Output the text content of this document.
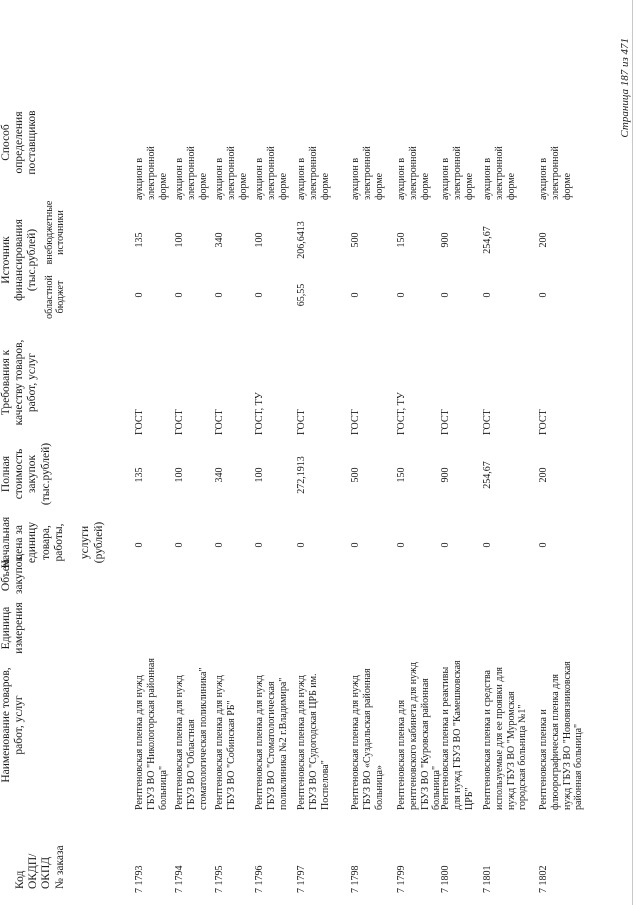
Код
ОКДП/
ОКПД
№ заказа
Наименование товаров,
работ, услуг
Единица
измерения
Объем
закупок
Начальная
цена за
единицу
товара,
работы,

услуги
(рублей)
Полная
стоимость
закупок
(тыс.рублей)
Требования к
качеству товаров,
работ, услуг
Источник
финансирования
(тыс.рублей)
областной
бюджет
внебюджетные
источники
Способ
определения
поставщиков
7 1793
Рентгеновская пленка для нужд ГБУЗ ВО "Никологорская районная больница"
0
135
ГОСТ
0
135
аукцион в электронной форме
7 1794
Рентгеновская пленка для нужд ГБУЗ ВО "Областная стоматологическая поликлиника"
0
100
ГОСТ
0
100
аукцион в электронной форме
7 1795
Рентгеновская пленка для нужд ГБУЗ ВО "Собинская РБ"
0
340
ГОСТ
0
340
аукцион в электронной форме
7 1796
Рентгеновская пленка для нужд ГБУЗ ВО "Стоматологическая поликлиника №2 г.Владимира"
0
100
ГОСТ, ТУ
0
100
аукцион в электронной форме
7 1797
Рентгеновская пленка для нужд ГБУЗ ВО "Судогодская ЦРБ им. Поспелова"
0
272,1913
ГОСТ
65,55
206,6413
аукцион в электронной форме
7 1798
Рентгеновская пленка для нужд ГБУЗ ВО «Суздальская районная больница»
0
500
ГОСТ
0
500
аукцион в электронной форме
7 1799
Рентгеновская пленка для рентгеновского кабинета для нужд ГБУЗ ВО "Куровская районная больница"
0
150
ГОСТ, ТУ
0
150
аукцион в электронной форме
7 1800
Рентгеновская пленка и реактивы для нужд ГБУЗ ВО "Камешковская ЦРБ"
0
900
ГОСТ
0
900
аукцион в электронной форме
7 1801
Рентгеновская пленка и средства используемые для ее проявки для нужд ГБУЗ ВО "Муромская городская больница №1"
0
254,67
ГОСТ
0
254,67
аукцион в электронной форме
7 1802
Рентгеновская пленка и флюорографическая пленка для нужд ГБУЗ ВО "Нововязниковская районная больница"
0
200
ГОСТ
0
200
аукцион в электронной форме
Страница 187 из 471
